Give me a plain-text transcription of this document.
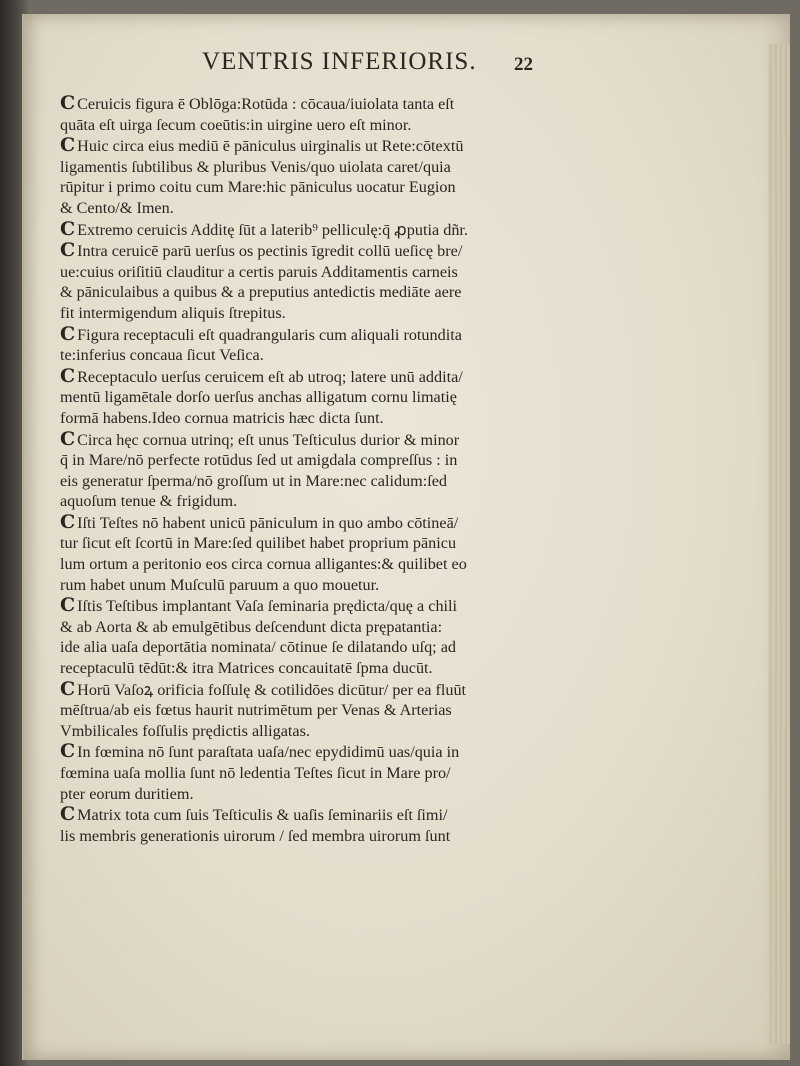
VENTRIS INFERIORIS. 22
C Ceruicis figura ē Oblōga:Rotūda : cōcaua/iuiolata tanta eſt
quāta eſt uirga ſecum coeūtis:in uirgine uero eſt minor.
C Huic circa eius mediū ē pāniculus uirginalis ut Rete:cōtextū
ligamentis ſubtilibus & pluribus Venis/quo uiolata caret/quia
rūpitur i primo coitu cum Mare:hic pāniculus uocatur Eugion
& Cento/& Imen.
C Extremo ceruicis Additę ſūt a laterib⁹ pelliculę:q̄ ꝓputia dñr.
C Intra ceruicē parū uerſus os pectinis īgredit collū ueſicę bre/
ue:cuius oriſitiū clauditur a certis paruis Additamentis carneis
& pāniculaibus a quibus & a preputius antedictis mediāte aere
fit intermigendum aliquis ſtrepitus.
C Figura receptaculi eſt quadrangularis cum aliquali rotundita
te:inferius concaua ſicut Veſica.
C Receptaculo uerſus ceruicem eſt ab utroq; latere unū addita/
mentū ligamētale dorſo uerſus anchas alligatum cornu limatię
formā habens.Ideo cornua matricis hæc dicta ſunt.
C Circa hęc cornua utrinq; eſt unus Teſticulus durior & minor
q̄ in Mare/nō perfecte rotūdus ſed ut amigdala compreſſus : in
eis generatur ſperma/nō groſſum ut in Mare:nec calidum:ſed
aquoſum tenue & frigidum.
C Iſti Teſtes nō habent unicū pāniculum in quo ambo cōtineā/
tur ſicut eſt ſcortū in Mare:ſed quilibet habet proprium pānicu
lum ortum a peritonio eos circa cornua alligantes:& quilibet eo
rum habet unum Muſculū paruum a quo mouetur.
C Iſtis Teſtibus implantant Vaſa ſeminaria prędicta/quę a chili
& ab Aorta & ab emulgētibus deſcendunt dicta prępatantia:
ide alia uaſa deportātia nominata/ cōtinue ſe dilatando uſq; ad
receptaculū tēdūt:& itra Matrices concauitatē ſpma ducūt.
C Horū Vaſoꝝ orificia foſſulę & cotilidōes dicūtur/ per ea fluūt
mēſtrua/ab eis fœtus haurit nutrimētum per Venas & Arterias
Vmbilicales foſſulis prędictis alligatas.
C In fœmina nō ſunt paraſtata uaſa/nec epydidimū uas/quia in
fœmina uaſa mollia ſunt nō ledentia Teſtes ſicut in Mare pro/
pter eorum duritiem.
C Matrix tota cum ſuis Teſticulis & uaſis ſeminariis eſt ſimi/
lis membris generationis uirorum / ſed membra uirorum ſunt
